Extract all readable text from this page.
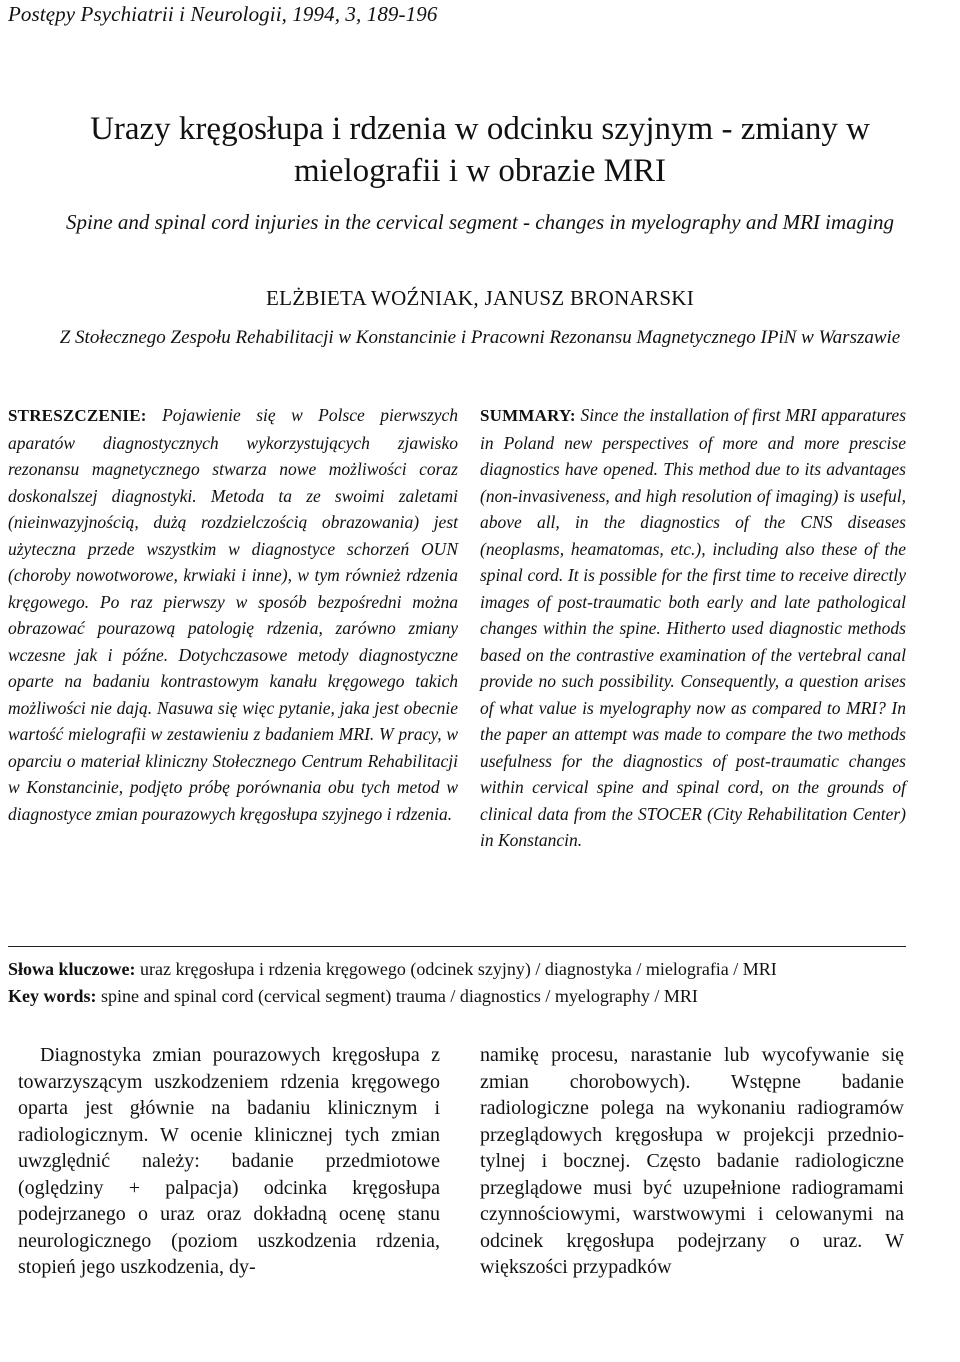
Postępy Psychiatrii i Neurologii, 1994, 3, 189-196
Urazy kręgosłupa i rdzenia w odcinku szyjnym - zmiany w mielografii i w obrazie MRI
Spine and spinal cord injuries in the cervical segment - changes in myelography and MRI imaging
ELŻBIETA WOŹNIAK, JANUSZ BRONARSKI
Z Stołecznego Zespołu Rehabilitacji w Konstancinie i Pracowni Rezonansu Magnetycznego IPiN w Warszawie
STRESZCZENIE: Pojawienie się w Polsce pierwszych aparatów diagnostycznych wykorzystujących zjawisko rezonansu magnetycznego stwarza nowe możliwości coraz doskonalszej diagnostyki. Metoda ta ze swoimi zaletami (nieinwazyjnością, dużą rozdzielczością obrazowania) jest użyteczna przede wszystkim w diagnostyce schorzeń OUN (choroby nowotworowe, krwiaki i inne), w tym również rdzenia kręgowego. Po raz pierwszy w sposób bezpośredni można obrazować pourazową patologię rdzenia, zarówno zmiany wczesne jak i późne. Dotychczasowe metody diagnostyczne oparte na badaniu kontrastowym kanału kręgowego takich możliwości nie dają. Nasuwa się więc pytanie, jaka jest obecnie wartość mielografii w zestawieniu z badaniem MRI. W pracy, w oparciu o materiał kliniczny Stołecznego Centrum Rehabilitacji w Konstancinie, podjęto próbę porównania obu tych metod w diagnostyce zmian pourazowych kręgosłupa szyjnego i rdzenia.
SUMMARY: Since the installation of first MRI apparatures in Poland new perspectives of more and more prescise diagnostics have opened. This method due to its advantages (non-invasiveness, and high resolution of imaging) is useful, above all, in the diagnostics of the CNS diseases (neoplasms, heamatomas, etc.), including also these of the spinal cord. It is possible for the first time to receive directly images of post-traumatic both early and late pathological changes within the spine. Hitherto used diagnostic methods based on the contrastive examination of the vertebral canal provide no such possibility. Consequently, a question arises of what value is myelography now as compared to MRI? In the paper an attempt was made to compare the two methods usefulness for the diagnostics of post-traumatic changes within cervical spine and spinal cord, on the grounds of clinical data from the STOCER (City Rehabilitation Center) in Konstancin.
Słowa kluczowe: uraz kręgosłupa i rdzenia kręgowego (odcinek szyjny) / diagnostyka / mielografia / MRI
Key words: spine and spinal cord (cervical segment) trauma / diagnostics / myelography / MRI
Diagnostyka zmian pourazowych kręgosłupa z towarzyszącym uszkodzeniem rdzenia kręgowego oparta jest głównie na badaniu klinicznym i radiologicznym. W ocenie klinicznej tych zmian uwzględnić należy: badanie przedmiotowe (oględziny + palpacja) odcinka kręgosłupa podejrzanego o uraz oraz dokładną ocenę stanu neurologicznego (poziom uszkodzenia rdzenia, stopień jego uszkodzenia, dy-
namikę procesu, narastanie lub wycofywanie się zmian chorobowych). Wstępne badanie radiologiczne polega na wykonaniu radiogramów przeglądowych kręgosłupa w projekcji przednio-tylnej i bocznej. Często badanie radiologiczne przeglądowe musi być uzupełnione radiogramami czynnościowymi, warstwowymi i celowanymi na odcinek kręgosłupa podejrzany o uraz. W większości przypadków
